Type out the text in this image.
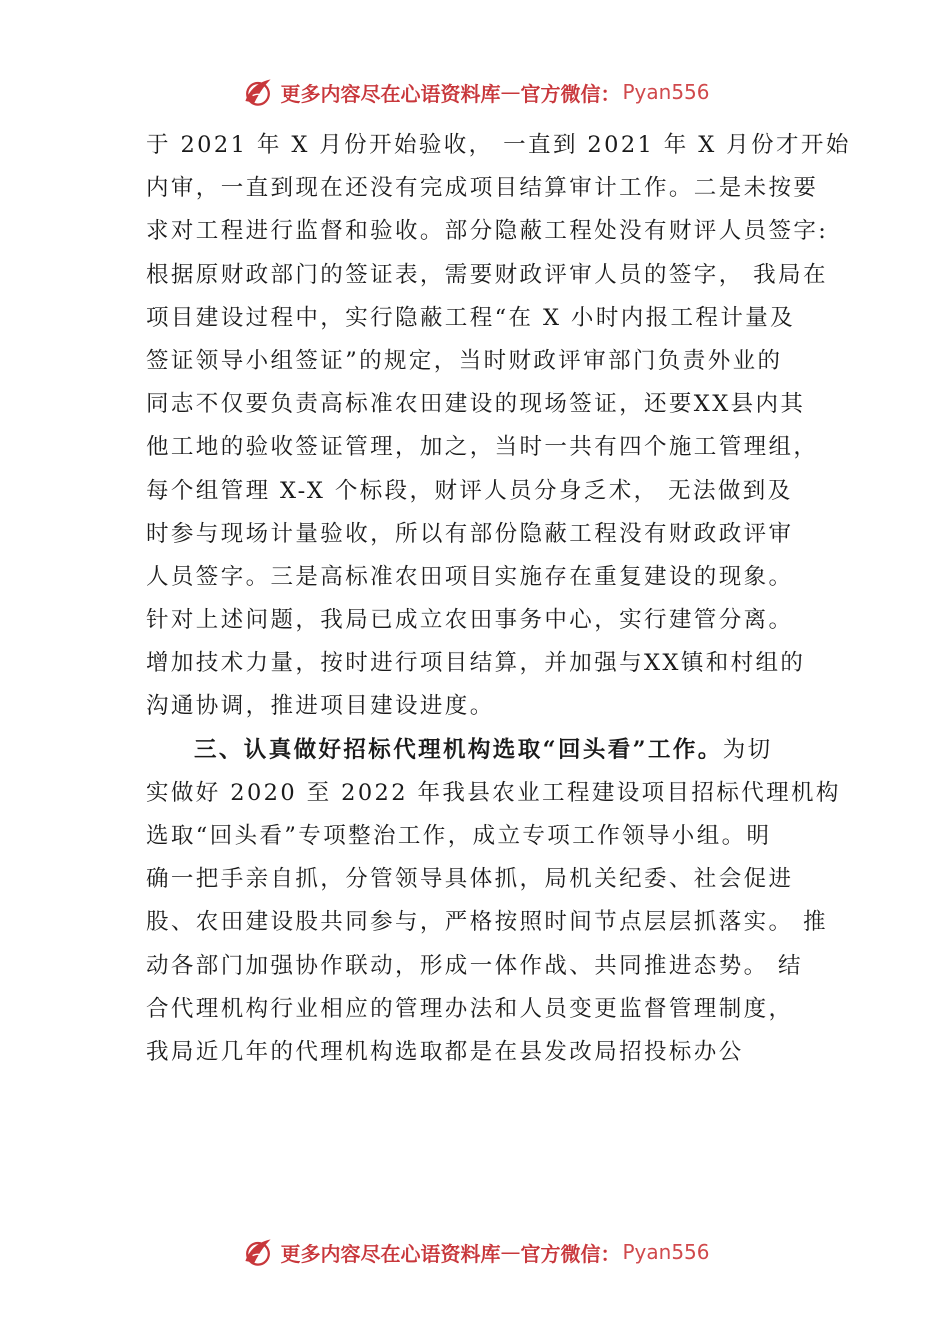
更多内容尽在心语资料库 — 官方微信： Pyan556
于 2021 年 X 月份开始验收， 一直到 2021 年 X 月份才开始
内审，一直到现在还没有完成项目结算审计工作。二是未按要
求对工程进行监督和验收。部分隐蔽工程处没有财评人员签字:
根据原财政部门的签证表，需要财政评审人员的签字， 我局在
项目建设过程中，实行隐蔽工程“在 X 小时内报工程计量及
签证领导小组签证”的规定，当时财政评审部门负责外业的
同志不仅要负责高标准农田建设的现场签证，还要XX县内其
他工地的验收签证管理，加之，当时一共有四个施工管理组，
每个组管理 X-X 个标段，财评人员分身乏术， 无法做到及
时参与现场计量验收，所以有部份隐蔽工程没有财政政评审
人员签字。三是高标准农田项目实施存在重复建设的现象。
针对上述问题，我局已成立农田事务中心，实行建管分离。
增加技术力量，按时进行项目结算，并加强与XX镇和村组的
沟通协调，推进项目建设进度。
三、认真做好招标代理机构选取“回头看”工作。为切
实做好 2020 至 2022 年我县农业工程建设项目招标代理机构
选取“回头看”专项整治工作，成立专项工作领导小组。明
确一把手亲自抓，分管领导具体抓，局机关纪委、社会促进
股、农田建设股共同参与，严格按照时间节点层层抓落实。 推
动各部门加强协作联动，形成一体作战、共同推进态势。 结
合代理机构行业相应的管理办法和人员变更监督管理制度，
我局近几年的代理机构选取都是在县发改局招投标办公
更多内容尽在心语资料库 — 官方微信： Pyan556
